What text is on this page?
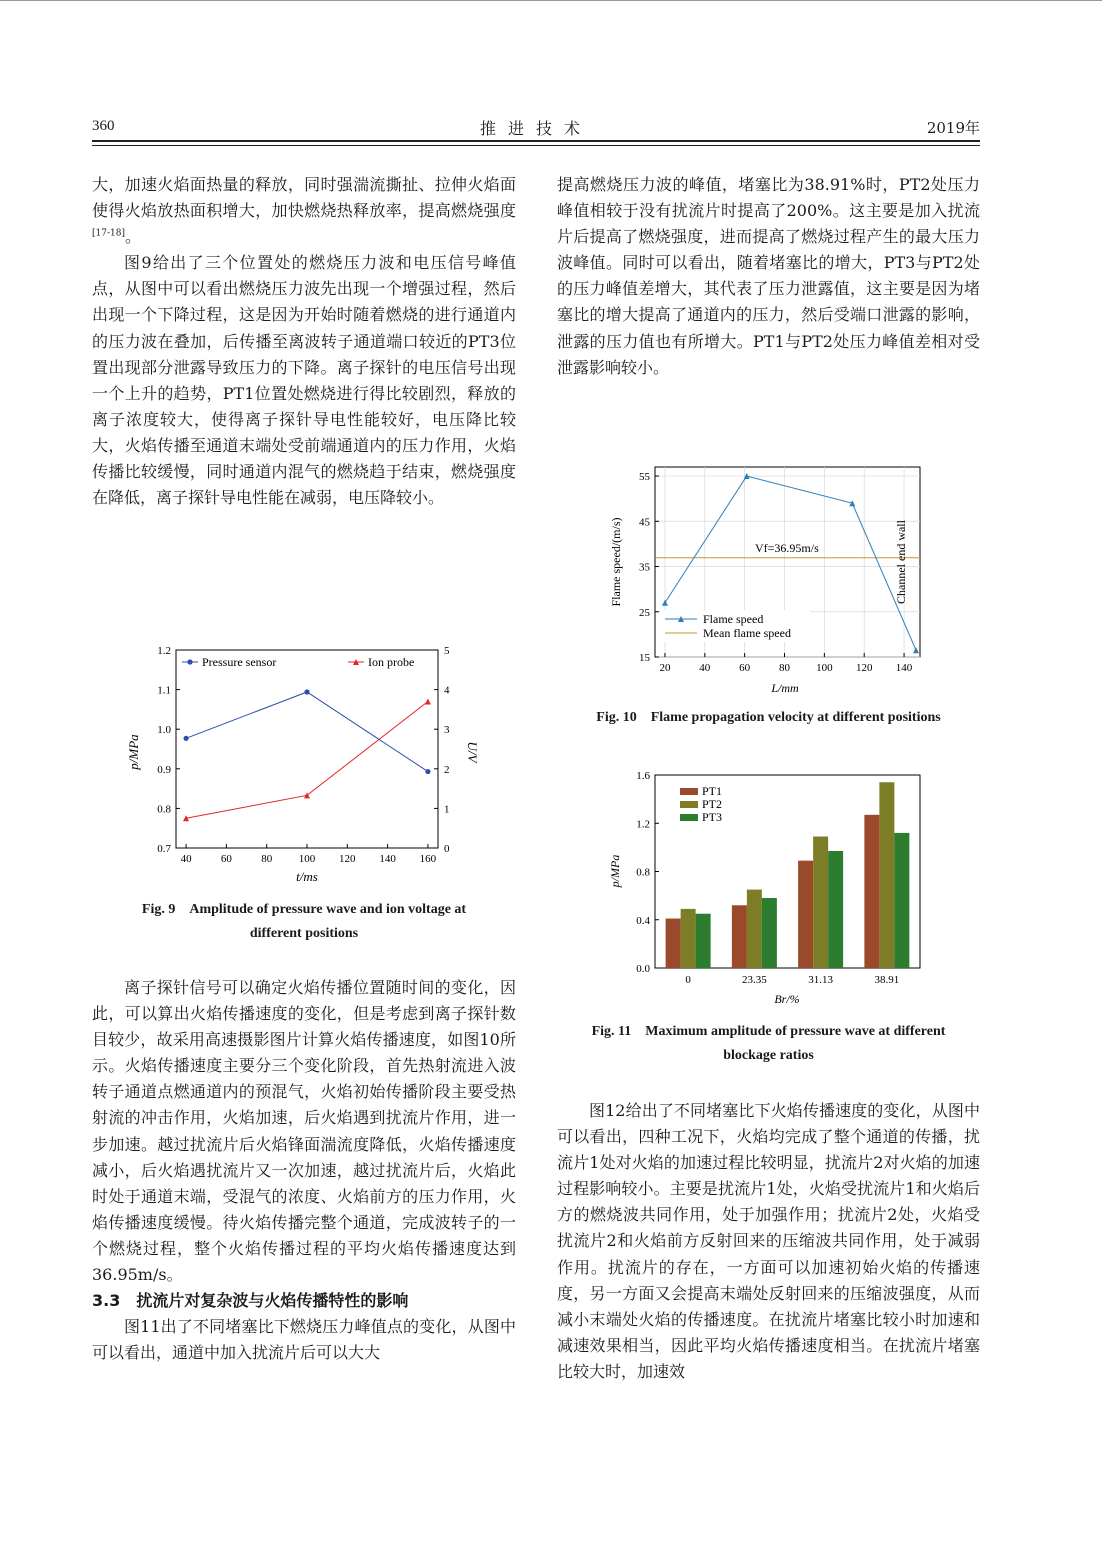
360	推进技术	2019年

大，加速火焰面热量的释放，同时强湍流撕扯、拉伸火焰面使得火焰放热面积增大，加快燃烧热释放率，提高燃烧强度[17-18]。

图9给出了三个位置处的燃烧压力波和电压信号峰值点，从图中可以看出燃烧压力波先出现一个增强过程，然后出现一个下降过程，这是因为开始时随着燃烧的进行通道内的压力波在叠加，后传播至离波转子通道端口较近的PT3位置出现部分泄露导致压力的下降。离子探针的电压信号出现一个上升的趋势，PT1位置处燃烧进行得比较剧烈，释放的离子浓度较大，使得离子探针导电性能较好，电压降比较大，火焰传播至通道末端处受前端通道内的压力作用，火焰传播比较缓慢，同时通道内混气的燃烧趋于结束，燃烧强度在降低，离子探针导电性能在减弱，电压降较小。

40	60	80 100 120 140 160
0.7
0.8
0.9
1.0
1.1
1.2
0
1
2
3
4
5
p/MPa	U/V
t/ms
Pressure sensor	Ion probe
Fig. 9　Amplitude of pressure wave and ion voltage at
different positions

离子探针信号可以确定火焰传播位置随时间的变化，因此，可以算出火焰传播速度的变化，但是考虑到离子探针数目较少，故采用高速摄影图片计算火焰传播速度，如图10所示。火焰传播速度主要分三个变化阶段，首先热射流进入波转子通道点燃通道内的预混气，火焰初始传播阶段主要受热射流的冲击作用，火焰加速，后火焰遇到扰流片作用，进一步加速。越过扰流片后火焰锋面湍流度降低，火焰传播速度减小，后火焰遇扰流片又一次加速，越过扰流片后，火焰此时处于通道末端，受混气的浓度、火焰前方的压力作用，火焰传播速度缓慢。待火焰传播完整个通道，完成波转子的一个燃烧过程，整个火焰传播过程的平均火焰传播速度达到36.95m/s。

3.3　扰流片对复杂波与火焰传播特性的影响

图11出了不同堵塞比下燃烧压力峰值点的变化，从图中可以看出，通道中加入扰流片后可以大大

提高燃烧压力波的峰值，堵塞比为38.91%时，PT2处压力峰值相较于没有扰流片时提高了200%。这主要是加入扰流片后提高了燃烧强度，进而提高了燃烧过程产生的最大压力波峰值。同时可以看出，随着堵塞比的增大，PT3与PT2处的压力峰值差增大，其代表了压力泄露值，这主要是因为堵塞比的增大提高了通道内的压力，然后受端口泄露的影响，泄露的压力值也有所增大。PT1与PT2处压力峰值差相对受泄露影响较小。

20	40	60	80 100 120 140
15
25
35
45
55
Vf=36.95m/s	Channel end wall
Flame speed/(m/s)
L/mm
Flame speed
Mean flame speed
Fig. 10　Flame propagation velocity at different positions
0.0
0.4
0.8
1.2
1.6
0	23.35	31.13	38.91
p/MPa
Br/%
PT1
PT2
PT3
Fig. 11　Maximum amplitude of pressure wave at different
blockage ratios

图12给出了不同堵塞比下火焰传播速度的变化，从图中可以看出，四种工况下，火焰均完成了整个通道的传播，扰流片1处对火焰的加速过程比较明显，扰流片2对火焰的加速过程影响较小。主要是扰流片1处，火焰受扰流片1和火焰后方的燃烧波共同作用，处于加强作用；扰流片2处，火焰受扰流片2和火焰前方反射回来的压缩波共同作用，处于减弱作用。扰流片的存在，一方面可以加速初始火焰的传播速度，另一方面又会提高末端处反射回来的压缩波强度，从而减小末端处火焰的传播速度。在扰流片堵塞比较小时加速和减速效果相当，因此平均火焰传播速度相当。在扰流片堵塞比较大时，加速效
